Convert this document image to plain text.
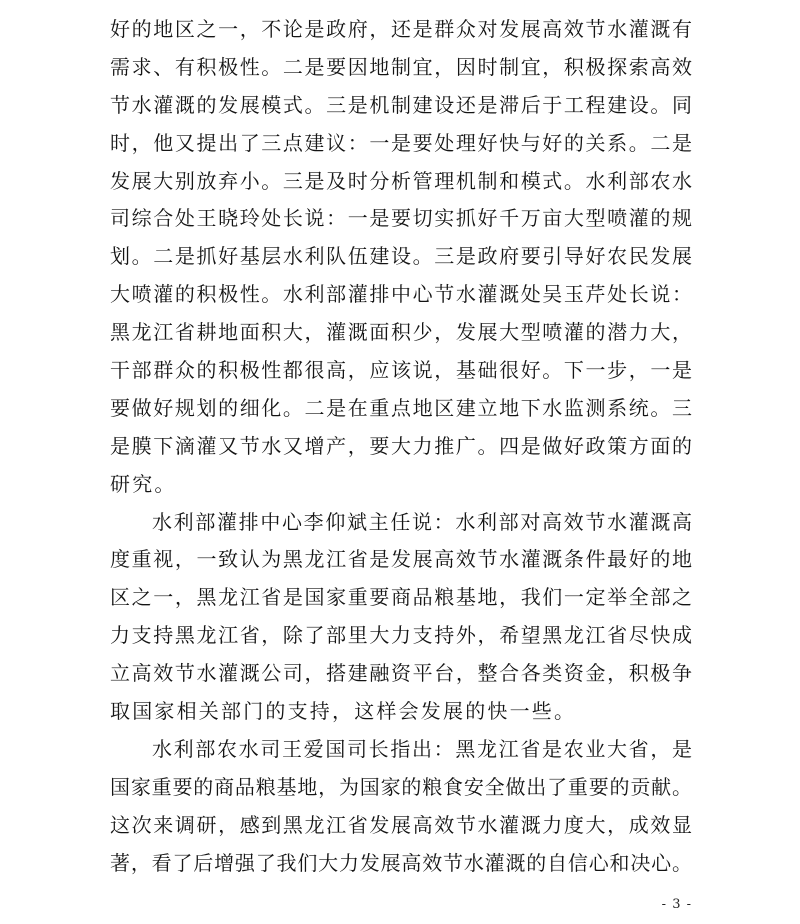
好的地区之一，不论是政府，还是群众对发展高效节水灌溉有
需求、有积极性。二是要因地制宜，因时制宜，积极探索高效
节水灌溉的发展模式。三是机制建设还是滞后于工程建设。同
时，他又提出了三点建议：一是要处理好快与好的关系。二是
发展大别放弃小。三是及时分析管理机制和模式。水利部农水
司综合处王晓玲处长说：一是要切实抓好千万亩大型喷灌的规
划。二是抓好基层水利队伍建设。三是政府要引导好农民发展
大喷灌的积极性。水利部灌排中心节水灌溉处吴玉芹处长说：
黑龙江省耕地面积大，灌溉面积少，发展大型喷灌的潜力大，
干部群众的积极性都很高，应该说，基础很好。下一步，一是
要做好规划的细化。二是在重点地区建立地下水监测系统。三
是膜下滴灌又节水又增产，要大力推广。四是做好政策方面的
研究。
水利部灌排中心李仰斌主任说：水利部对高效节水灌溉高
度重视，一致认为黑龙江省是发展高效节水灌溉条件最好的地
区之一，黑龙江省是国家重要商品粮基地，我们一定举全部之
力支持黑龙江省，除了部里大力支持外，希望黑龙江省尽快成
立高效节水灌溉公司，搭建融资平台，整合各类资金，积极争
取国家相关部门的支持，这样会发展的快一些。
水利部农水司王爱国司长指出：黑龙江省是农业大省，是
国家重要的商品粮基地，为国家的粮食安全做出了重要的贡献。
这次来调研，感到黑龙江省发展高效节水灌溉力度大，成效显
著，看了后增强了我们大力发展高效节水灌溉的自信心和决心。
- 3 -
